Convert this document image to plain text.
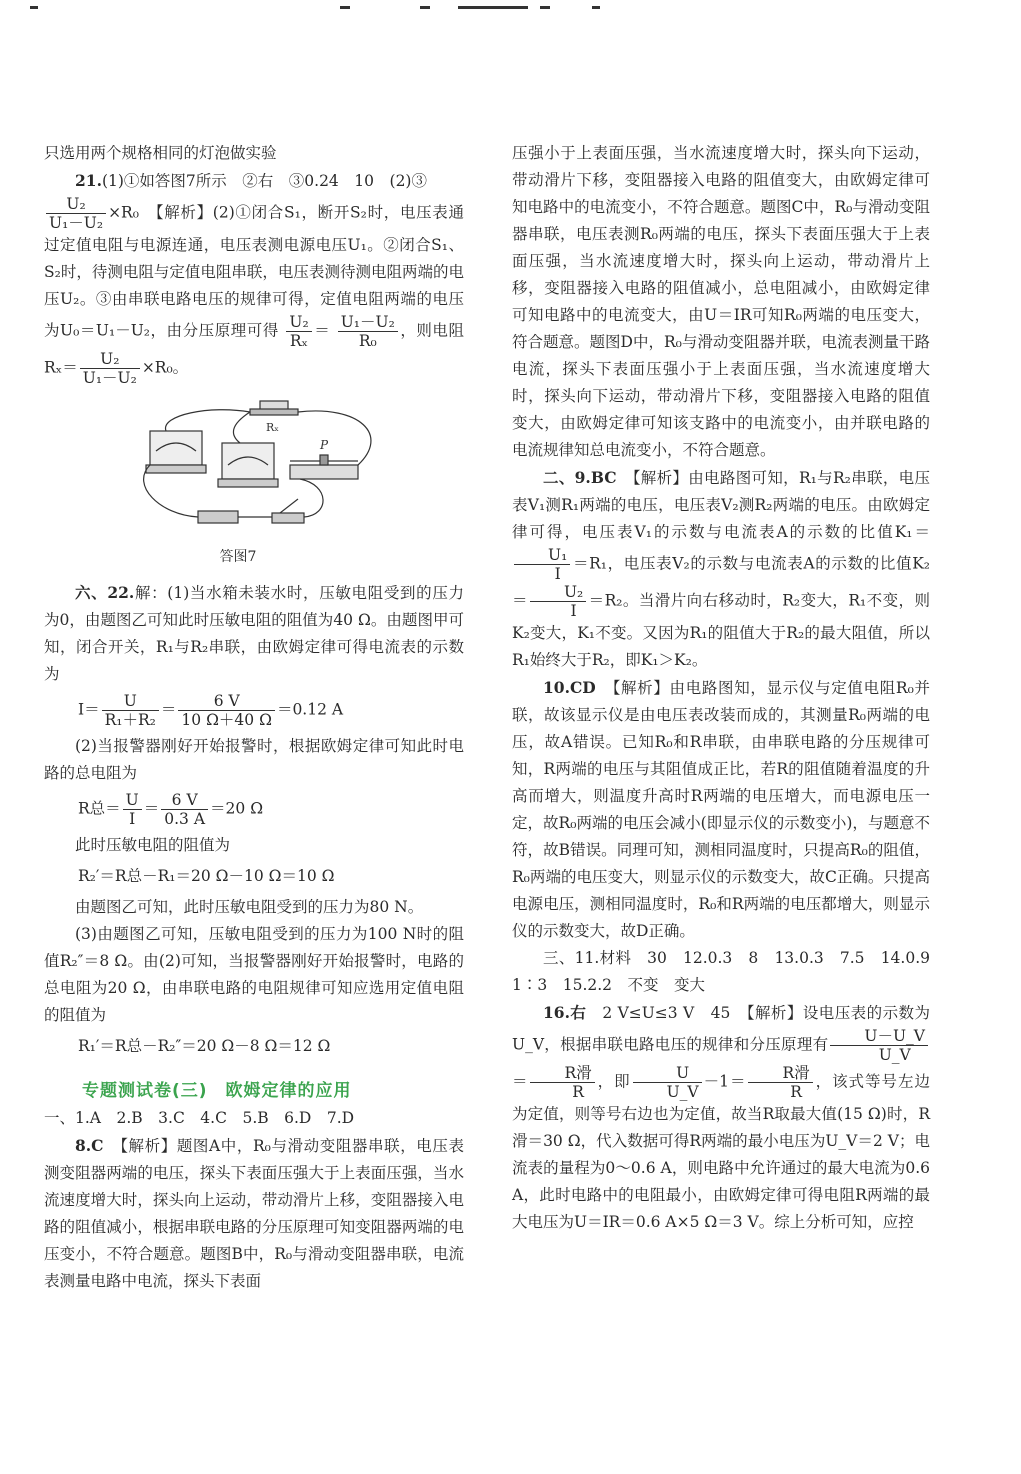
只选用两个规格相同的灯泡做实验

21.(1)①如答图7所示　②右　③0.24　10　(2)③

$\frac{\text{U₂}}{\text{U₁－U₂}} \times R_0$　【解析】(2)①闭合S₁，断开S₂时，电压表通过定值电阻与电源连通，电压表测电源电压U₁。②闭合S₁、S₂时，待测电阻与定值电阻串联，电压表测待测电阻两端的电压U₂。③由串联电路电压的规律可得，定值电阻两端的电压为U₀＝U₁－U₂，由分压原理可得 $\frac{\text{U₂}}{\text{Rₓ}} = \frac{\text{U₁－U₂}}{\text{R₀}}$ ，则电阻$R_x= \frac{\text{U₂}}{\text{U₁－U₂}} \times R_0$。

Rₓ
P
答图7

六、22.解：(1)当水箱未装水时，压敏电阻受到的压力为0，由题图乙可知此时压敏电阻的阻值为40 Ω。由题图甲可知，闭合开关，R₁与R₂串联，由欧姆定律可得电流表的示数为

$I= \frac{U}{\text{R₁＋R₂}} = \frac{6 V}{10 \Omega+40 \Omega} =0.12$ A

(2)当报警器刚好开始报警时，根据欧姆定律可知此时电路的总电阻为

R总＝ $\frac{U}{I} = \frac{6 V}{0.3 A} =20$ Ω

此时压敏电阻的阻值为

R₂′＝R总－R₁＝20 Ω－10 Ω＝10 Ω

由题图乙可知，此时压敏电阻受到的压力为80 N。

(3)由题图乙可知，压敏电阻受到的压力为100 N时的阻值R₂″＝8 Ω。由(2)可知，当报警器刚好开始报警时，电路的总电阻为20 Ω，由串联电路的电阻规律可知应选用定值电阻的阻值为

R₁′＝R总－R₂″＝20 Ω－8 Ω＝12 Ω
专题测试卷(三)　欧姆定律的应用

一、1.A　2.B　3.C　4.C　5.B　6.D　7.D

8.C　 【解析】题图A中，R₀与滑动变阻器串联，电压表测变阻器两端的电压，探头下表面压强大于上表面压强，当水流速度增大时，探头向上运动，带动滑片上移，变阻器接入电路的阻值减小，根据串联电路的分压原理可知变阻器两端的电压变小，不符合题意。题图B中，R₀与滑动变阻器串联，电流表测量电路中电流，探头下表面

压强小于上表面压强，当水流速度增大时，探头向下运动，带动滑片下移，变阻器接入电路的阻值变大，由欧姆定律可知电路中的电流变小，不符合题意。题图C中，R₀与滑动变阻器串联，电压表测R₀两端的电压，探头下表面压强大于上表面压强，当水流速度增大时，探头向上运动，带动滑片上移，变阻器接入电路的阻值减小，总电阻减小，由欧姆定律可知电路中的电流变大，由U＝IR可知R₀两端的电压变大，符合题意。题图D中，R₀与滑动变阻器并联，电流表测量干路电流，探头下表面压强小于上表面压强，当水流速度增大时，探头向下运动，带动滑片下移，变阻器接入电路的阻值变大，由欧姆定律可知该支路中的电流变小，由并联电路的电流规律知总电流变小，不符合题意。

二、9.BC　 【解析】由电路图可知，R₁与R₂串联，电压表V₁测R₁两端的电压，电压表V₂测R₂两端的电压。由欧姆定律可得，电压表V₁的示数与电流表A的示数的比值K₁＝
$\frac{\text{U₁}}{I} =R_1$，电压表V₂的示数与电流表A的示数的比值$K_2= \frac{\text{U₂}}{I} =R_2$。当滑片向右移动时，R₂变大，R₁不变，则K₂变大，K₁不变。又因为R₁的阻值大于R₂的最大阻值，所以R₁始终大于R₂，即K₁＞K₂。

10.CD　 【解析】由电路图知，显示仪与定值电阻R₀并联，故该显示仪是由电压表改装而成的，其测量R₀两端的电压，故A错误。已知R₀和R串联，由串联电路的分压规律可知，R两端的电压与其阻值成正比，若R的阻值随着温度的升高而增大，则温度升高时R两端的电压增大，而电源电压一定，故R₀两端的电压会减小(即显示仪的示数变小)，与题意不符，故B错误。同理可知，测相同温度时，只提高R₀的阻值，R₀两端的电压变大，则显示仪的示数变大，故C正确。只提高电源电压，测相同温度时，R₀和R两端的电压都增大，则显示仪的示数变大，故D正确。

三、11.材料　30　12.0.3　8　13.0.3　7.5　14.0.9　1∶3　15.2.2　不变　变大

16.右　 2 V≤U≤3 V　45　【解析】设电压表的示数为U_V，根据串联电路电压的规律和分压原理有 $\frac{U-U\_V}{U\_V}$
＝ $\frac{\text{R滑}}{R}$ ，即 $\frac{U}{U\_V} -1= \frac{\text{R滑}}{R}$ ，该式等号左边为定值，则等号右边也为定值，故当R取最大值(15 Ω)时，R滑＝30 Ω，代入数据可得R两端的最小电压为U_V＝2 V；电流表的量程为0～0.6 A，则电路中允许通过的最大电流为0.6 A，此时电路中的电阻最小，由欧姆定律可得电阻R两端的最大电压为U＝IR＝0.6 A×5 Ω＝3 V。综上分析可知，应控
